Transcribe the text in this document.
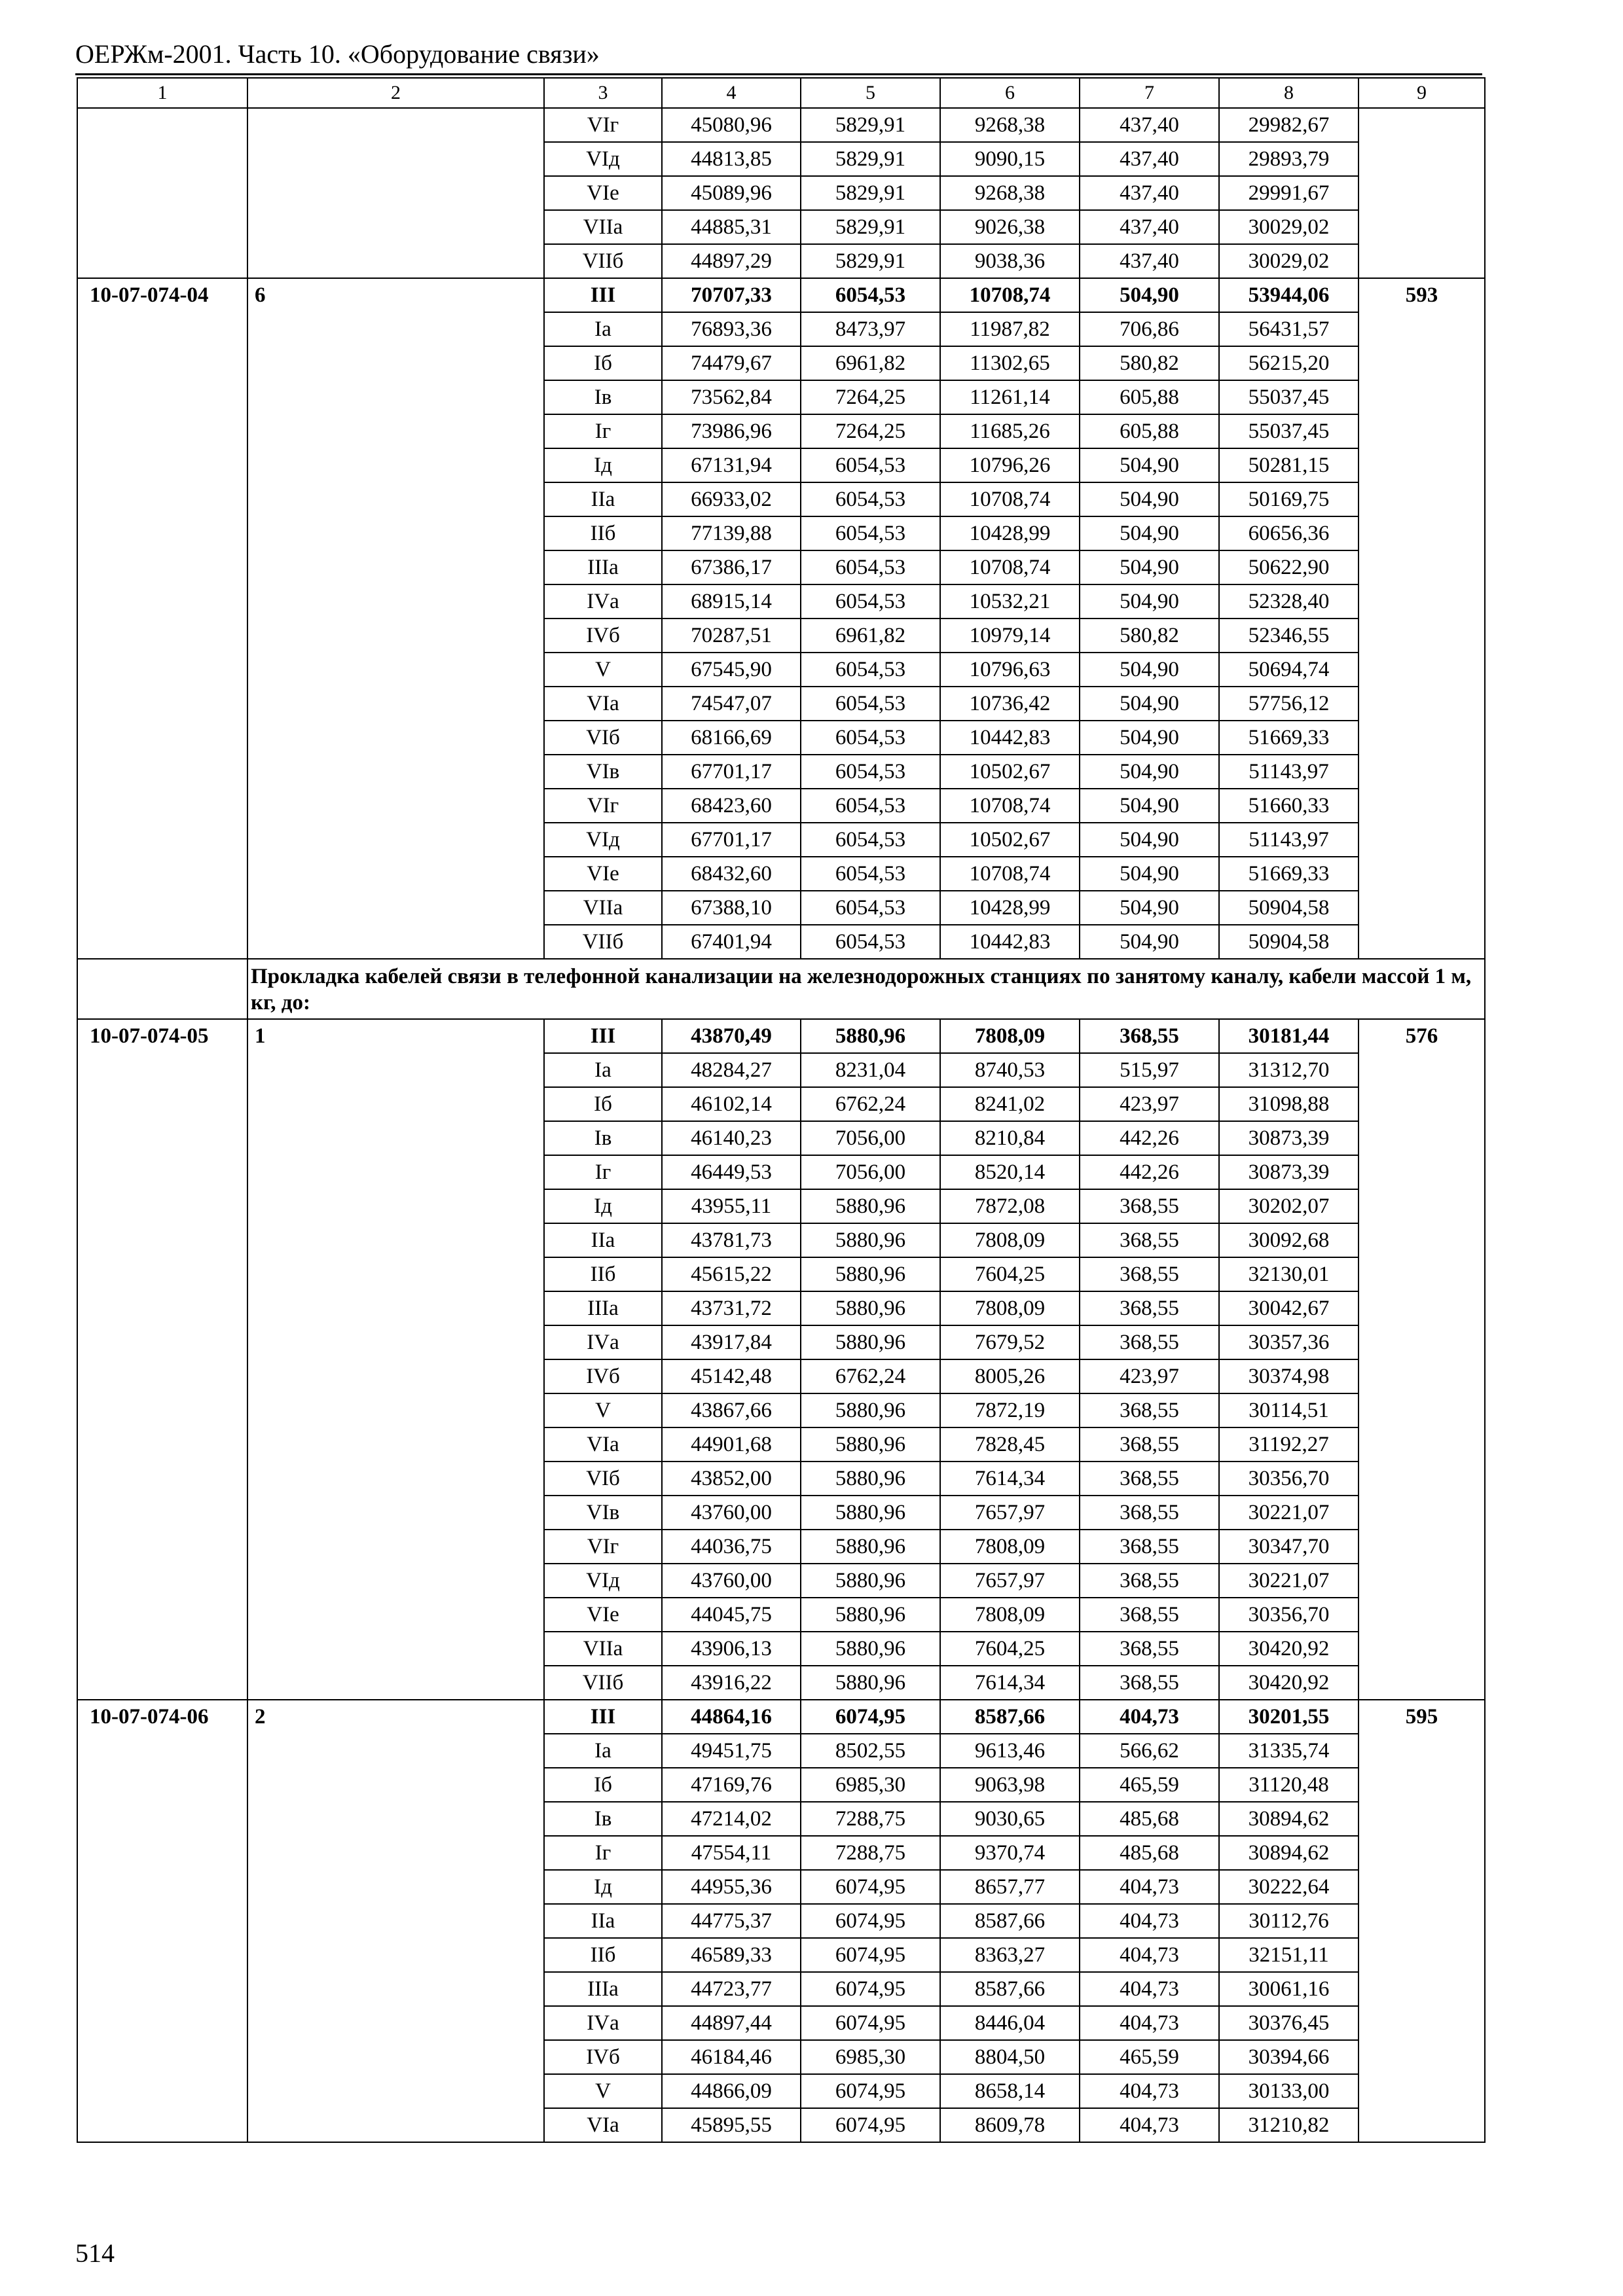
ОЕРЖм-2001. Часть 10. «Оборудование связи»
1	2	3	4	5	6	7	8	9
		VIг	45080,96	5829,91	9268,38	437,40	29982,67	
		VIд	44813,85	5829,91	9090,15	437,40	29893,79	
		VIе	45089,96	5829,91	9268,38	437,40	29991,67	
		VIIа	44885,31	5829,91	9026,38	437,40	30029,02	
		VIIб	44897,29	5829,91	9038,36	437,40	30029,02	
10-07-074-04	6	III	70707,33	6054,53	10708,74	504,90	53944,06	593
		Iа	76893,36	8473,97	11987,82	706,86	56431,57	
		Iб	74479,67	6961,82	11302,65	580,82	56215,20	
		Iв	73562,84	7264,25	11261,14	605,88	55037,45	
		Iг	73986,96	7264,25	11685,26	605,88	55037,45	
		Iд	67131,94	6054,53	10796,26	504,90	50281,15	
		IIа	66933,02	6054,53	10708,74	504,90	50169,75	
		IIб	77139,88	6054,53	10428,99	504,90	60656,36	
		IIIа	67386,17	6054,53	10708,74	504,90	50622,90	
		IVа	68915,14	6054,53	10532,21	504,90	52328,40	
		IVб	70287,51	6961,82	10979,14	580,82	52346,55	
		V	67545,90	6054,53	10796,63	504,90	50694,74	
		VIа	74547,07	6054,53	10736,42	504,90	57756,12	
		VIб	68166,69	6054,53	10442,83	504,90	51669,33	
		VIв	67701,17	6054,53	10502,67	504,90	51143,97	
		VIг	68423,60	6054,53	10708,74	504,90	51660,33	
		VIд	67701,17	6054,53	10502,67	504,90	51143,97	
		VIе	68432,60	6054,53	10708,74	504,90	51669,33	
		VIIа	67388,10	6054,53	10428,99	504,90	50904,58	
		VIIб	67401,94	6054,53	10442,83	504,90	50904,58	
	Прокладка кабелей связи в телефонной канализации на железнодорожных станциях по занятому каналу, кабели массой 1 м, кг, до:							
10-07-074-05	1	III	43870,49	5880,96	7808,09	368,55	30181,44	576
		Iа	48284,27	8231,04	8740,53	515,97	31312,70	
		Iб	46102,14	6762,24	8241,02	423,97	31098,88	
		Iв	46140,23	7056,00	8210,84	442,26	30873,39	
		Iг	46449,53	7056,00	8520,14	442,26	30873,39	
		Iд	43955,11	5880,96	7872,08	368,55	30202,07	
		IIа	43781,73	5880,96	7808,09	368,55	30092,68	
		IIб	45615,22	5880,96	7604,25	368,55	32130,01	
		IIIа	43731,72	5880,96	7808,09	368,55	30042,67	
		IVа	43917,84	5880,96	7679,52	368,55	30357,36	
		IVб	45142,48	6762,24	8005,26	423,97	30374,98	
		V	43867,66	5880,96	7872,19	368,55	30114,51	
		VIа	44901,68	5880,96	7828,45	368,55	31192,27	
		VIб	43852,00	5880,96	7614,34	368,55	30356,70	
		VIв	43760,00	5880,96	7657,97	368,55	30221,07	
		VIг	44036,75	5880,96	7808,09	368,55	30347,70	
		VIд	43760,00	5880,96	7657,97	368,55	30221,07	
		VIе	44045,75	5880,96	7808,09	368,55	30356,70	
		VIIа	43906,13	5880,96	7604,25	368,55	30420,92	
		VIIб	43916,22	5880,96	7614,34	368,55	30420,92	
10-07-074-06	2	III	44864,16	6074,95	8587,66	404,73	30201,55	595
		Iа	49451,75	8502,55	9613,46	566,62	31335,74	
		Iб	47169,76	6985,30	9063,98	465,59	31120,48	
		Iв	47214,02	7288,75	9030,65	485,68	30894,62	
		Iг	47554,11	7288,75	9370,74	485,68	30894,62	
		Iд	44955,36	6074,95	8657,77	404,73	30222,64	
		IIа	44775,37	6074,95	8587,66	404,73	30112,76	
		IIб	46589,33	6074,95	8363,27	404,73	32151,11	
		IIIа	44723,77	6074,95	8587,66	404,73	30061,16	
		IVа	44897,44	6074,95	8446,04	404,73	30376,45	
		IVб	46184,46	6985,30	8804,50	465,59	30394,66	
		V	44866,09	6074,95	8658,14	404,73	30133,00	
		VIа	45895,55	6074,95	8609,78	404,73	31210,82	
514
